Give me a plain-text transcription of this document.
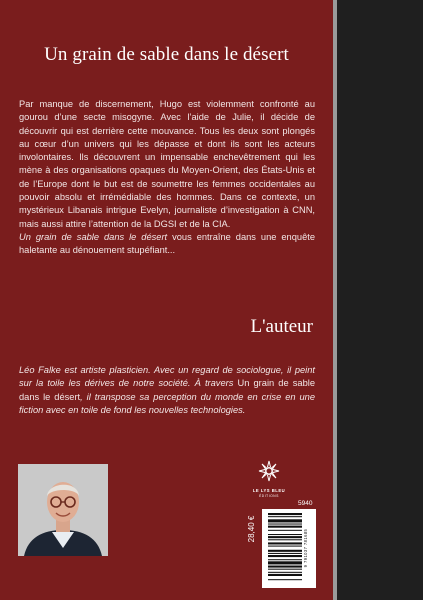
Un grain de sable dans le désert

Par manque de discernement, Hugo est violemment confronté au gourou d’une secte misogyne. Avec l’aide de Julie, il décide de découvrir qui est derrière cette mouvance. Tous les deux sont plongés au cœur d’un univers qui les dépasse et dont ils sont les acteurs involontaires. Ils découvrent un impensable enchevêtrement qui les mène à des organisations opaques du Moyen-Orient, des États-Unis et de l’Europe dont le but est de soumettre les femmes occidentales au pouvoir absolu et irrémédiable des hommes. Dans ce contexte, un mystérieux Libanais intrigue Evelyn, journaliste d’investigation à CNN, mais aussi attire l’attention de la DGSI et de la CIA.

Un grain de sable dans le désert vous entraîne dans une enquête haletante au dénouement stupéfiant...

L'auteur
Léo Falke est artiste plasticien. Avec un regard de sociologue, il peint sur la toile les dérives de notre société. À travers Un grain de sable dans le désert, il transpose sa perception du monde en crise en une fiction avec en toile de fond les nouvelles technologies.
LE LYS BLEU
ÉDITIONS
5940
28,40 €	9 791037 781685
